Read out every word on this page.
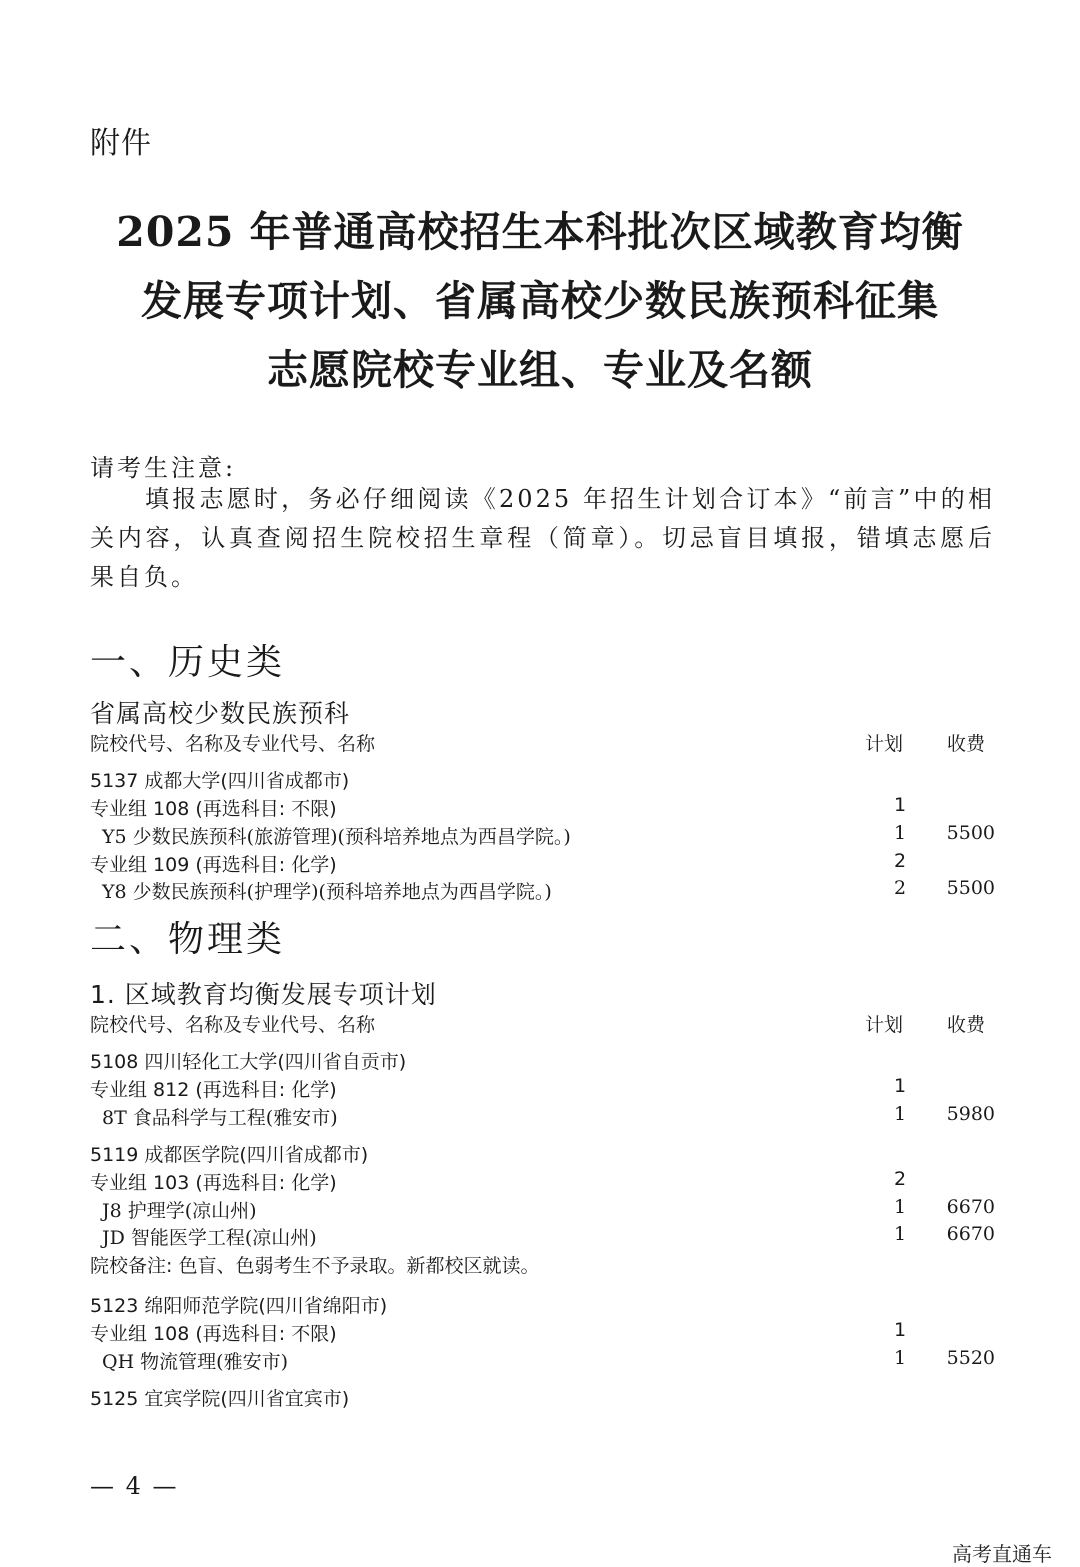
附件
2025 年普通高校招生本科批次区域教育均衡
发展专项计划、省属高校少数民族预科征集
志愿院校专业组、专业及名额
请考生注意:
填报志愿时，务必仔细阅读《2025 年招生计划合订本》“前言”中的相关内容，认真查阅招生院校招生章程（简章）。切忌盲目填报，错填志愿后果自负。
一、历史类
省属高校少数民族预科
院校代号、名称及专业代号、名称	计划 收费
5137 成都大学(四川省成都市)
专业组 108 (再选科目: 不限)	1
Y5 少数民族预科(旅游管理)(预科培养地点为西昌学院。)	1	5500
专业组 109 (再选科目: 化学)	2
Y8 少数民族预科(护理学)(预科培养地点为西昌学院。)	2	5500
二、物理类
1. 区域教育均衡发展专项计划
院校代号、名称及专业代号、名称	计划 收费
5108 四川轻化工大学(四川省自贡市)
专业组 812 (再选科目: 化学)	1
8T 食品科学与工程(雅安市)	1	5980
5119 成都医学院(四川省成都市)
专业组 103 (再选科目: 化学)	2
J8 护理学(凉山州)	1	6670
JD 智能医学工程(凉山州)	1	6670
院校备注: 色盲、色弱考生不予录取。新都校区就读。
5123 绵阳师范学院(四川省绵阳市)
专业组 108 (再选科目: 不限)	1
QH 物流管理(雅安市)	1	5520
5125 宜宾学院(四川省宜宾市)
— 4 —
高考直通车
